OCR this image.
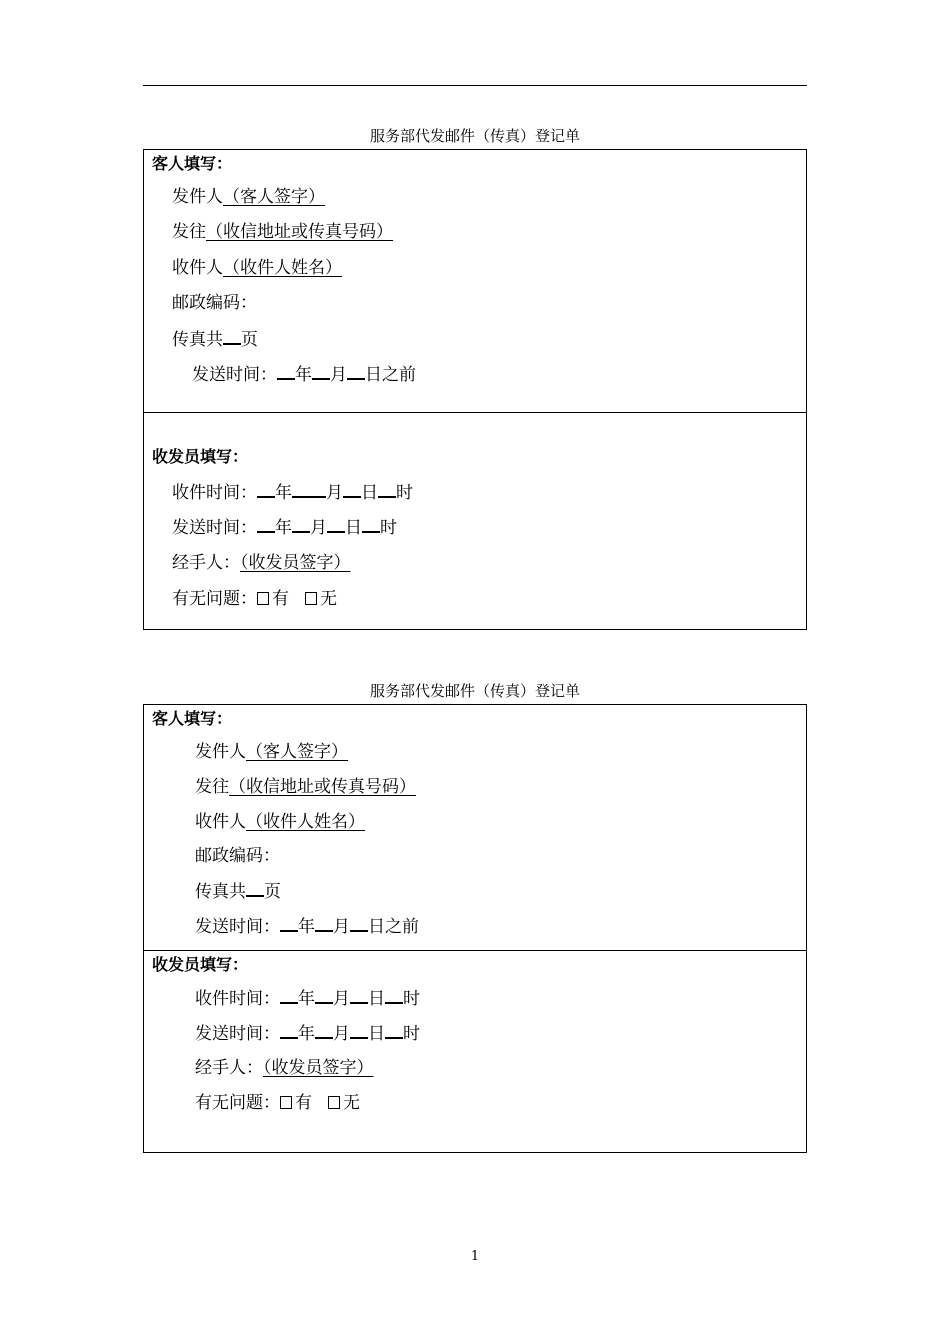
服务部代发邮件（传真）登记单
客人填写：
发件人（客人签字）
发往（收信地址或传真号码）
收件人（收件人姓名）
邮政编码：
传真共 页
发送时间： 年 月 日之前
收发员填写：
收件时间： 年 月 日 时
发送时间： 年 月 日 时
经手人：（收发员签字）
有无问题： 有 无
服务部代发邮件（传真）登记单
客人填写：
发件人（客人签字）
发往（收信地址或传真号码）
收件人（收件人姓名）
邮政编码：
传真共 页
发送时间： 年 月 日之前
收发员填写：
收件时间： 年 月 日 时
发送时间： 年 月 日 时
经手人：（收发员签字）
有无问题： 有 无
1
